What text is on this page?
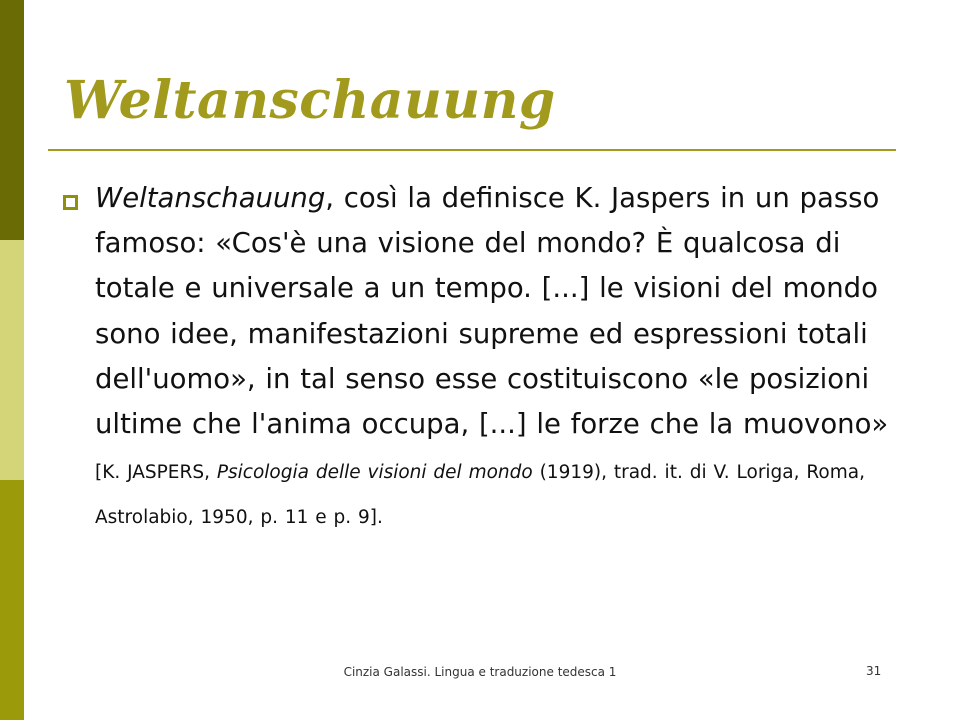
Weltanschauung
Weltanschauung, così la definisce K. Jaspers in un passo famoso: «Cos'è una visione del mondo? È qualcosa di totale e universale a un tempo. [...] le visioni del mondo sono idee, manifestazioni supreme ed espressioni totali dell'uomo», in tal senso esse costituiscono «le posizioni ultime che l'anima occupa, [...] le forze che la muovono» [K. JASPERS, Psicologia delle visioni del mondo (1919), trad. it. di V. Loriga, Roma, Astrolabio, 1950, p. 11 e p. 9].
Cinzia Galassi. Lingua e traduzione tedesca 1	31
